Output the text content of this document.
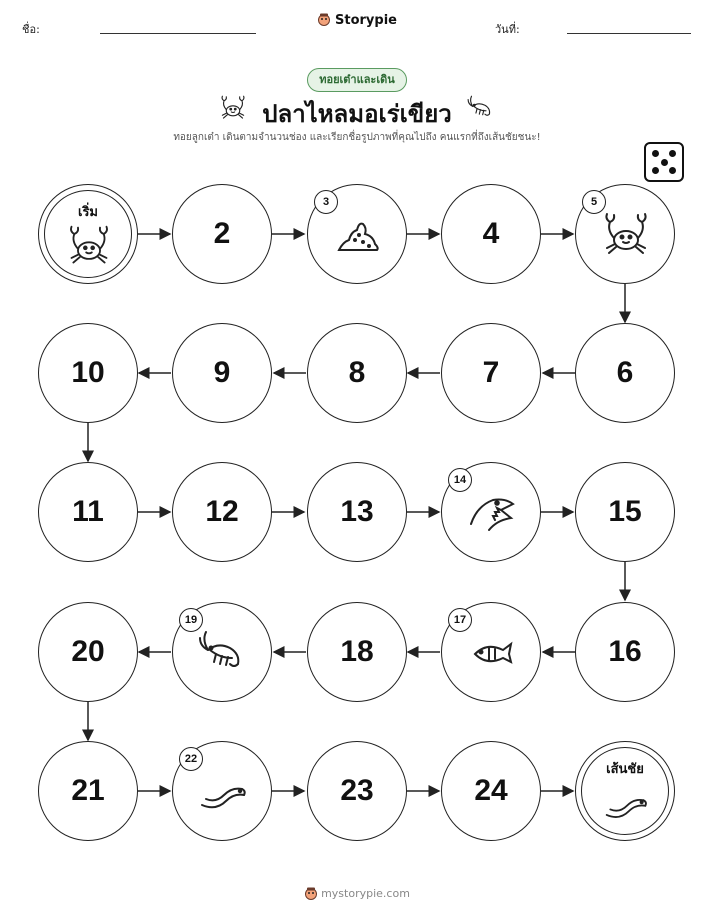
ชื่อ:
Storypie
วันที่:
ทอยเต๋าและเดิน
ปลาไหลมอเร่เขียว
ทอยลูกเต๋า เดินตามจำนวนช่อง และเรียกชื่อรูปภาพที่คุณไปถึง คนแรกที่ถึงเส้นชัยชนะ!
เริ่ม
2
3
4
5
10	9	8	7	6
11	12	13
14
15
20
19
18
17
16
21
22
23	24
เส้นชัย
mystorypie.com
